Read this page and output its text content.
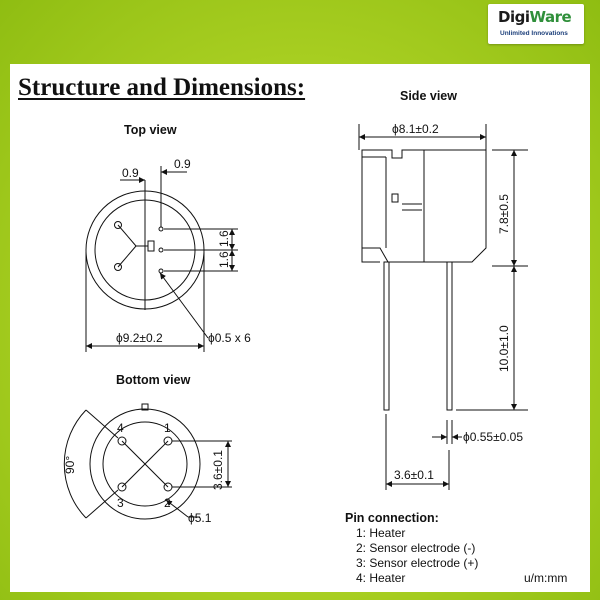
DigiWare
Unlimited Innovations
Structure and Dimensions:
Top view
0.9
0.9
1.6
1.6
ϕ9.2±0.2	ϕ0.5 x 6
Bottom view
4	1
3	2
90°	3.6±0.1
ϕ5.1
Side view
ϕ8.1±0.2
7.8±0.5
10.0±1.0
ϕ0.55±0.05
3.6±0.1
Pin connection:
1: Heater
2: Sensor electrode (-)
3: Sensor electrode (+)
4: Heater	u/m:mm
